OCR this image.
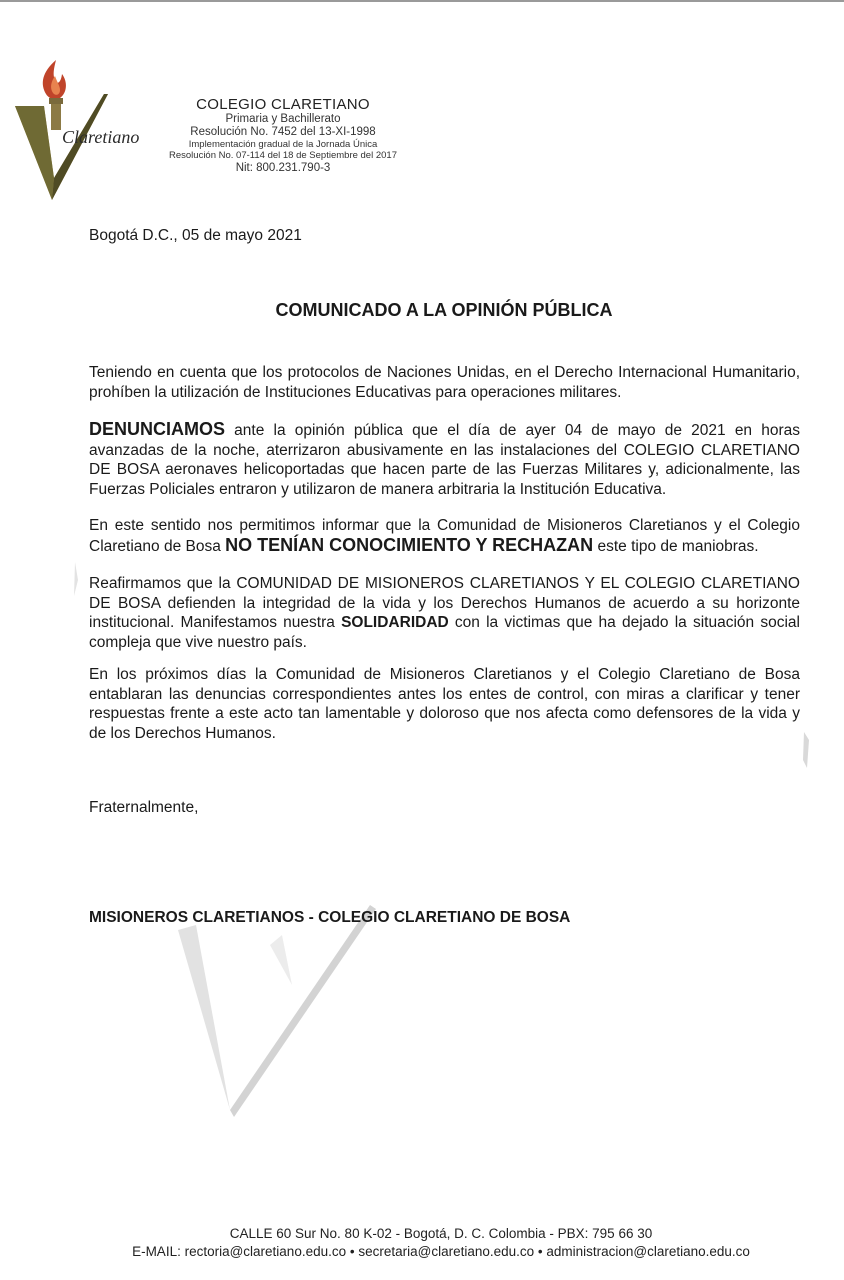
Claretiano
COLEGIO CLARETIANO
Primaria y Bachillerato
Resolución No. 7452 del 13-XI-1998
Implementación gradual de la Jornada Única
Resolución No. 07-114 del 18 de Septiembre del 2017
Nit: 800.231.790-3
Bogotá D.C., 05 de mayo 2021
COMUNICADO A LA OPINIÓN PÚBLICA

Teniendo en cuenta que los protocolos de Naciones Unidas, en el Derecho Internacional Humanitario, prohíben la utilización de Instituciones Educativas para operaciones militares.

DENUNCIAMOS ante la opinión pública que el día de ayer 04 de mayo de 2021 en horas avanzadas de la noche, aterrizaron abusivamente en las instalaciones del COLEGIO CLARETIANO DE BOSA aeronaves helicoportadas que hacen parte de las Fuerzas Militares y, adicionalmente, las Fuerzas Policiales entraron y utilizaron de manera arbitraria la Institución Educativa.

En este sentido nos permitimos informar que la Comunidad de Misioneros Claretianos y el Colegio Claretiano de Bosa NO TENÍAN CONOCIMIENTO Y RECHAZAN este tipo de maniobras.

Reafirmamos que la COMUNIDAD DE MISIONEROS CLARETIANOS Y EL COLEGIO CLARETIANO DE BOSA defienden la integridad de la vida y los Derechos Humanos de acuerdo a su horizonte institucional. Manifestamos nuestra SOLIDARIDAD con la victimas que ha dejado la situación social compleja que vive nuestro país.

En los próximos días la Comunidad de Misioneros Claretianos y el Colegio Claretiano de Bosa entablaran las denuncias correspondientes antes los entes de control, con miras a clarificar y tener respuestas frente a este acto tan lamentable y doloroso que nos afecta como defensores de la vida y de los Derechos Humanos.

Fraternalmente,
MISIONEROS CLARETIANOS - COLEGIO CLARETIANO DE BOSA
CALLE 60 Sur No. 80 K-02 - Bogotá, D. C. Colombia - PBX: 795 66 30
E-MAIL: rectoria@claretiano.edu.co • secretaria@claretiano.edu.co • administracion@claretiano.edu.co
